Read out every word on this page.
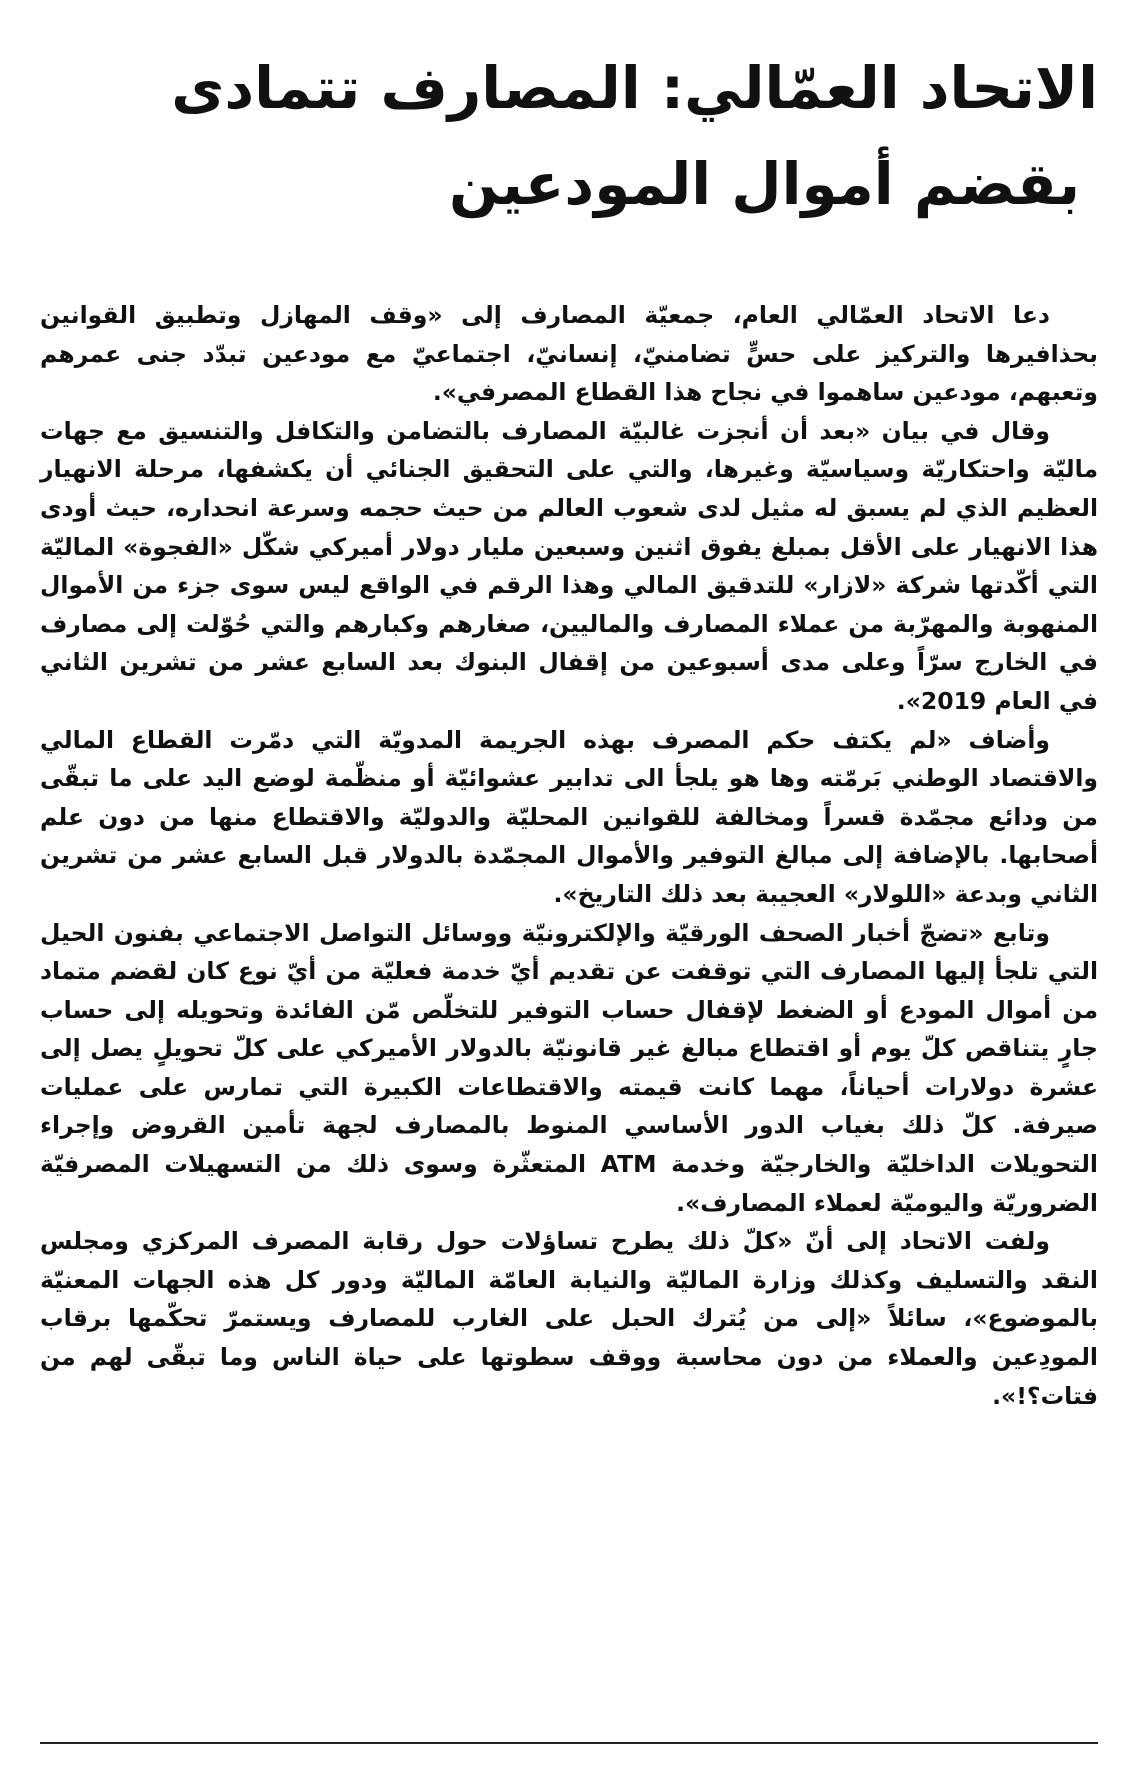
الاتحاد العمّالي: المصارف تتمادى
بقضم أموال المودعين

دعا الاتحاد العمّالي العام، جمعيّة المصارف إلى «وقف المهازل وتطبيق القوانين بحذافيرها والتركيز على حسٍّ تضامنيّ، إنسانيّ، اجتماعيّ مع مودعين تبدّد جنى عمرهم وتعبهم، مودعين ساهموا في نجاح هذا القطاع المصرفي».

وقال في بيان «بعد أن أنجزت غالبيّة المصارف بالتضامن والتكافل والتنسيق مع جهات ماليّة واحتكاريّة وسياسيّة وغيرها، والتي على التحقيق الجنائي أن يكشفها، مرحلة الانهيار العظيم الذي لم يسبق له مثيل لدى شعوب العالم من حيث حجمه وسرعة انحداره، حيث أودى هذا الانهيار على الأقل بمبلغ يفوق اثنين وسبعين مليار دولار أميركي شكّل «الفجوة» الماليّة التي أكّدتها شركة «لازار» للتدقيق المالي وهذا الرقم في الواقع ليس سوى جزء من الأموال المنهوبة والمهرّبة من عملاء المصارف والماليين، صغارهم وكبارهم والتي حُوّلت إلى مصارف في الخارج سرّاً وعلى مدى أسبوعين من إقفال البنوك بعد السابع عشر من تشرين الثاني في العام 2019».

وأضاف «لم يكتف حكم المصرف بهذه الجريمة المدويّة التي دمّرت القطاع المالي والاقتصاد الوطني بَرمّته وها هو يلجأ الى تدابير عشوائيّة أو منظّمة لوضع اليد على ما تبقّى من ودائع مجمّدة قسراً ومخالفة للقوانين المحليّة والدوليّة والاقتطاع منها من دون علم أصحابها. بالإضافة إلى مبالغ التوفير والأموال المجمّدة بالدولار قبل السابع عشر من تشرين الثاني وبدعة «اللولار» العجيبة بعد ذلك التاريخ».

وتابع «تضجّ أخبار الصحف الورقيّة والإلكترونيّة ووسائل التواصل الاجتماعي بفنون الحيل التي تلجأ إليها المصارف التي توقفت عن تقديم أيّ خدمة فعليّة من أيّ نوع كان لقضم متماد من أموال المودع أو الضغط لإقفال حساب التوفير للتخلّص مّن الفائدة وتحويله إلى حساب جارٍ يتناقص كلّ يوم أو اقتطاع مبالغ غير قانونيّة بالدولار الأميركي على كلّ تحويلٍ يصل إلى عشرة دولارات أحياناً، مهما كانت قيمته والاقتطاعات الكبيرة التي تمارس على عمليات صيرفة. كلّ ذلك بغياب الدور الأساسي المنوط بالمصارف لجهة تأمين القروض وإجراء التحويلات الداخليّة والخارجيّة وخدمة ATM المتعثّرة وسوى ذلك من التسهيلات المصرفيّة الضروريّة واليوميّة لعملاء المصارف».

ولفت الاتحاد إلى أنّ «كلّ ذلك يطرح تساؤلات حول رقابة المصرف المركزي ومجلس النقد والتسليف وكذلك وزارة الماليّة والنيابة العامّة الماليّة ودور كل هذه الجهات المعنيّة بالموضوع»، سائلاً «إلى من يُترك الحبل على الغارب للمصارف ويستمرّ تحكّمها برقاب المودِعين والعملاء من دون محاسبة ووقف سطوتها على حياة الناس وما تبقّى لهم من فتات؟!».
